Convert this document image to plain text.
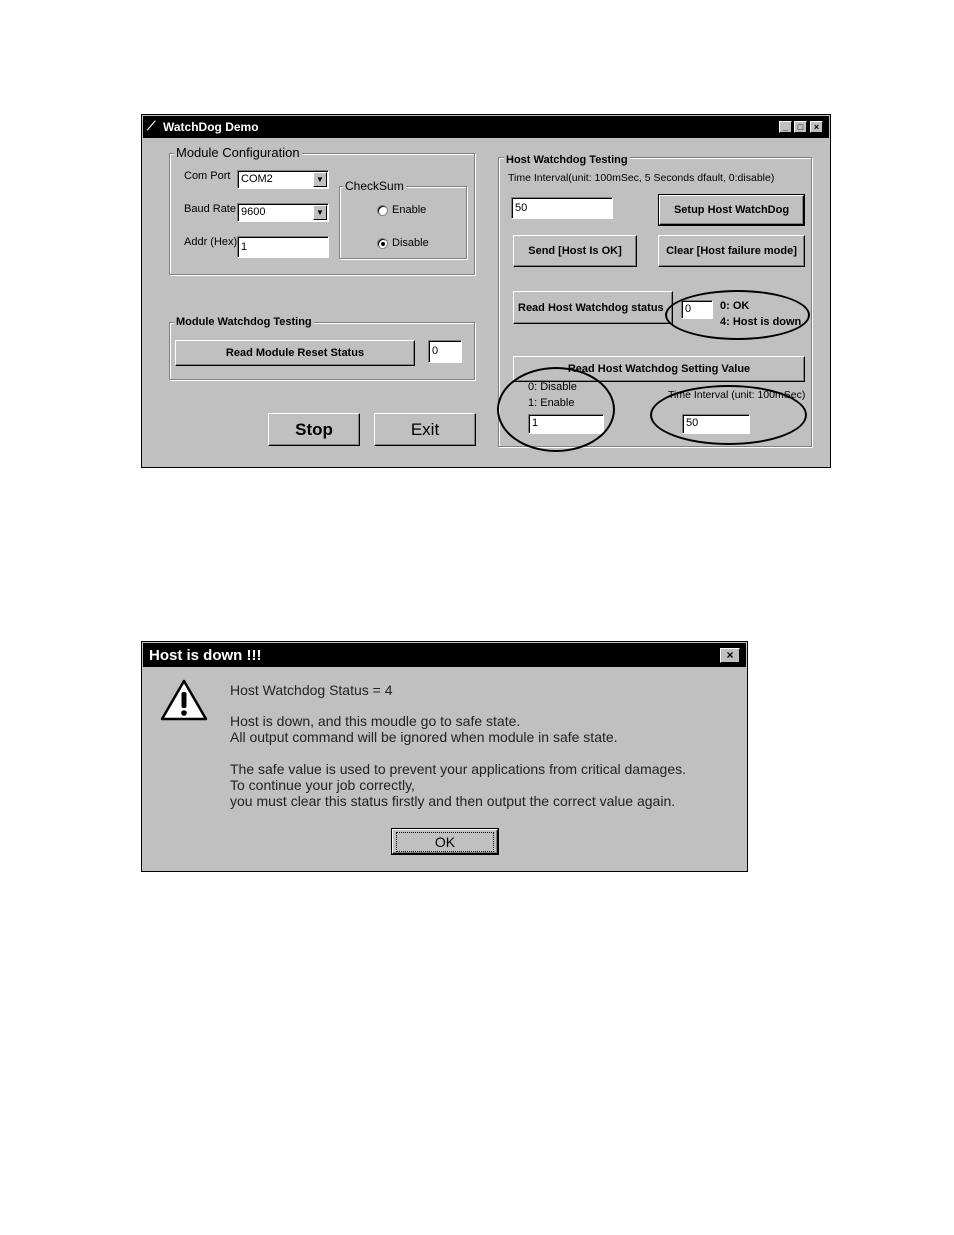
⟋ WatchDog Demo	_	□	×
Module Configuration
Com Port COM2	▼
Baud Rate 9600	▼
Addr (Hex) 1
CheckSum
Enable
Disable
Module Watchdog Testing
Read Module Reset Status	0
Stop	Exit
Host Watchdog Testing
Time Interval(unit: 100mSec, 5 Seconds dfault, 0:disable)
50	Setup Host WatchDog
Send [Host Is OK]	Clear [Host failure mode]
Read Host Watchdog status	0	0: OK
4: Host is down
Read Host Watchdog Setting Value
0: Disable
1: Enable
1
Time Interval (unit: 100mSec)
50
Host is down !!!	×
Host Watchdog Status = 4
Host is down, and this moudle go to safe state.
All output command will be ignored when module in safe state.
The safe value is used to prevent your applications from critical damages.
To continue your job correctly,
you must clear this status firstly and then output the correct value again.
OK
